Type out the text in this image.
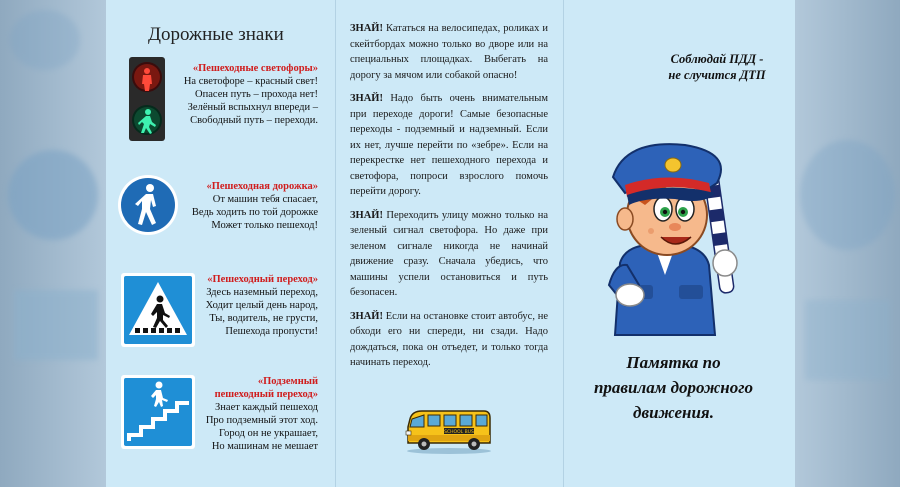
Дорожные знаки
«Пешеходные светофоры»
На светофоре – красный свет!
Опасен путь – прохода нет!
Зелёный вспыхнул впереди –
Свободный путь – переходи.
«Пешеходная дорожка»
От машин тебя спасает,
Ведь ходить по той дорожке
Может только пешеход!
«Пешеходный переход»
Здесь наземный переход,
Ходит целый день народ,
Ты, водитель, не грусти,
Пешехода пропусти!
«Подземный
пешеходный переход»
Знает каждый пешеход
Про подземный этот ход.
Город он не украшает,
Но машинам не мешает

ЗНАЙ! Кататься на велосипедах, роликах и скейтбордах можно только во дворе или на специальных площадках. Выбегать на дорогу за мячом или собакой опасно!

ЗНАЙ! Надо быть очень внимательным при переходе дороги! Самые безопасные переходы - подземный и надземный. Если их нет, лучше перейти по «зебре». Если на перекрестке нет пешеходного перехода и светофора, попроси взрослого помочь перейти дорогу.

ЗНАЙ! Переходить улицу можно только на зеленый сигнал светофора. Но даже при зеленом сигнале никогда не начинай движение сразу. Сначала убедись, что машины успели остановиться и путь безопасен.

ЗНАЙ! Если на остановке стоит автобус, не обходи его ни спереди, ни сзади. Надо дождаться, пока он отъедет, и только тогда начинать переход.

SCHOOL BUS
Соблюдай ПДД -
не случится ДТП
Памятка по
правилам дорожного
движения.
